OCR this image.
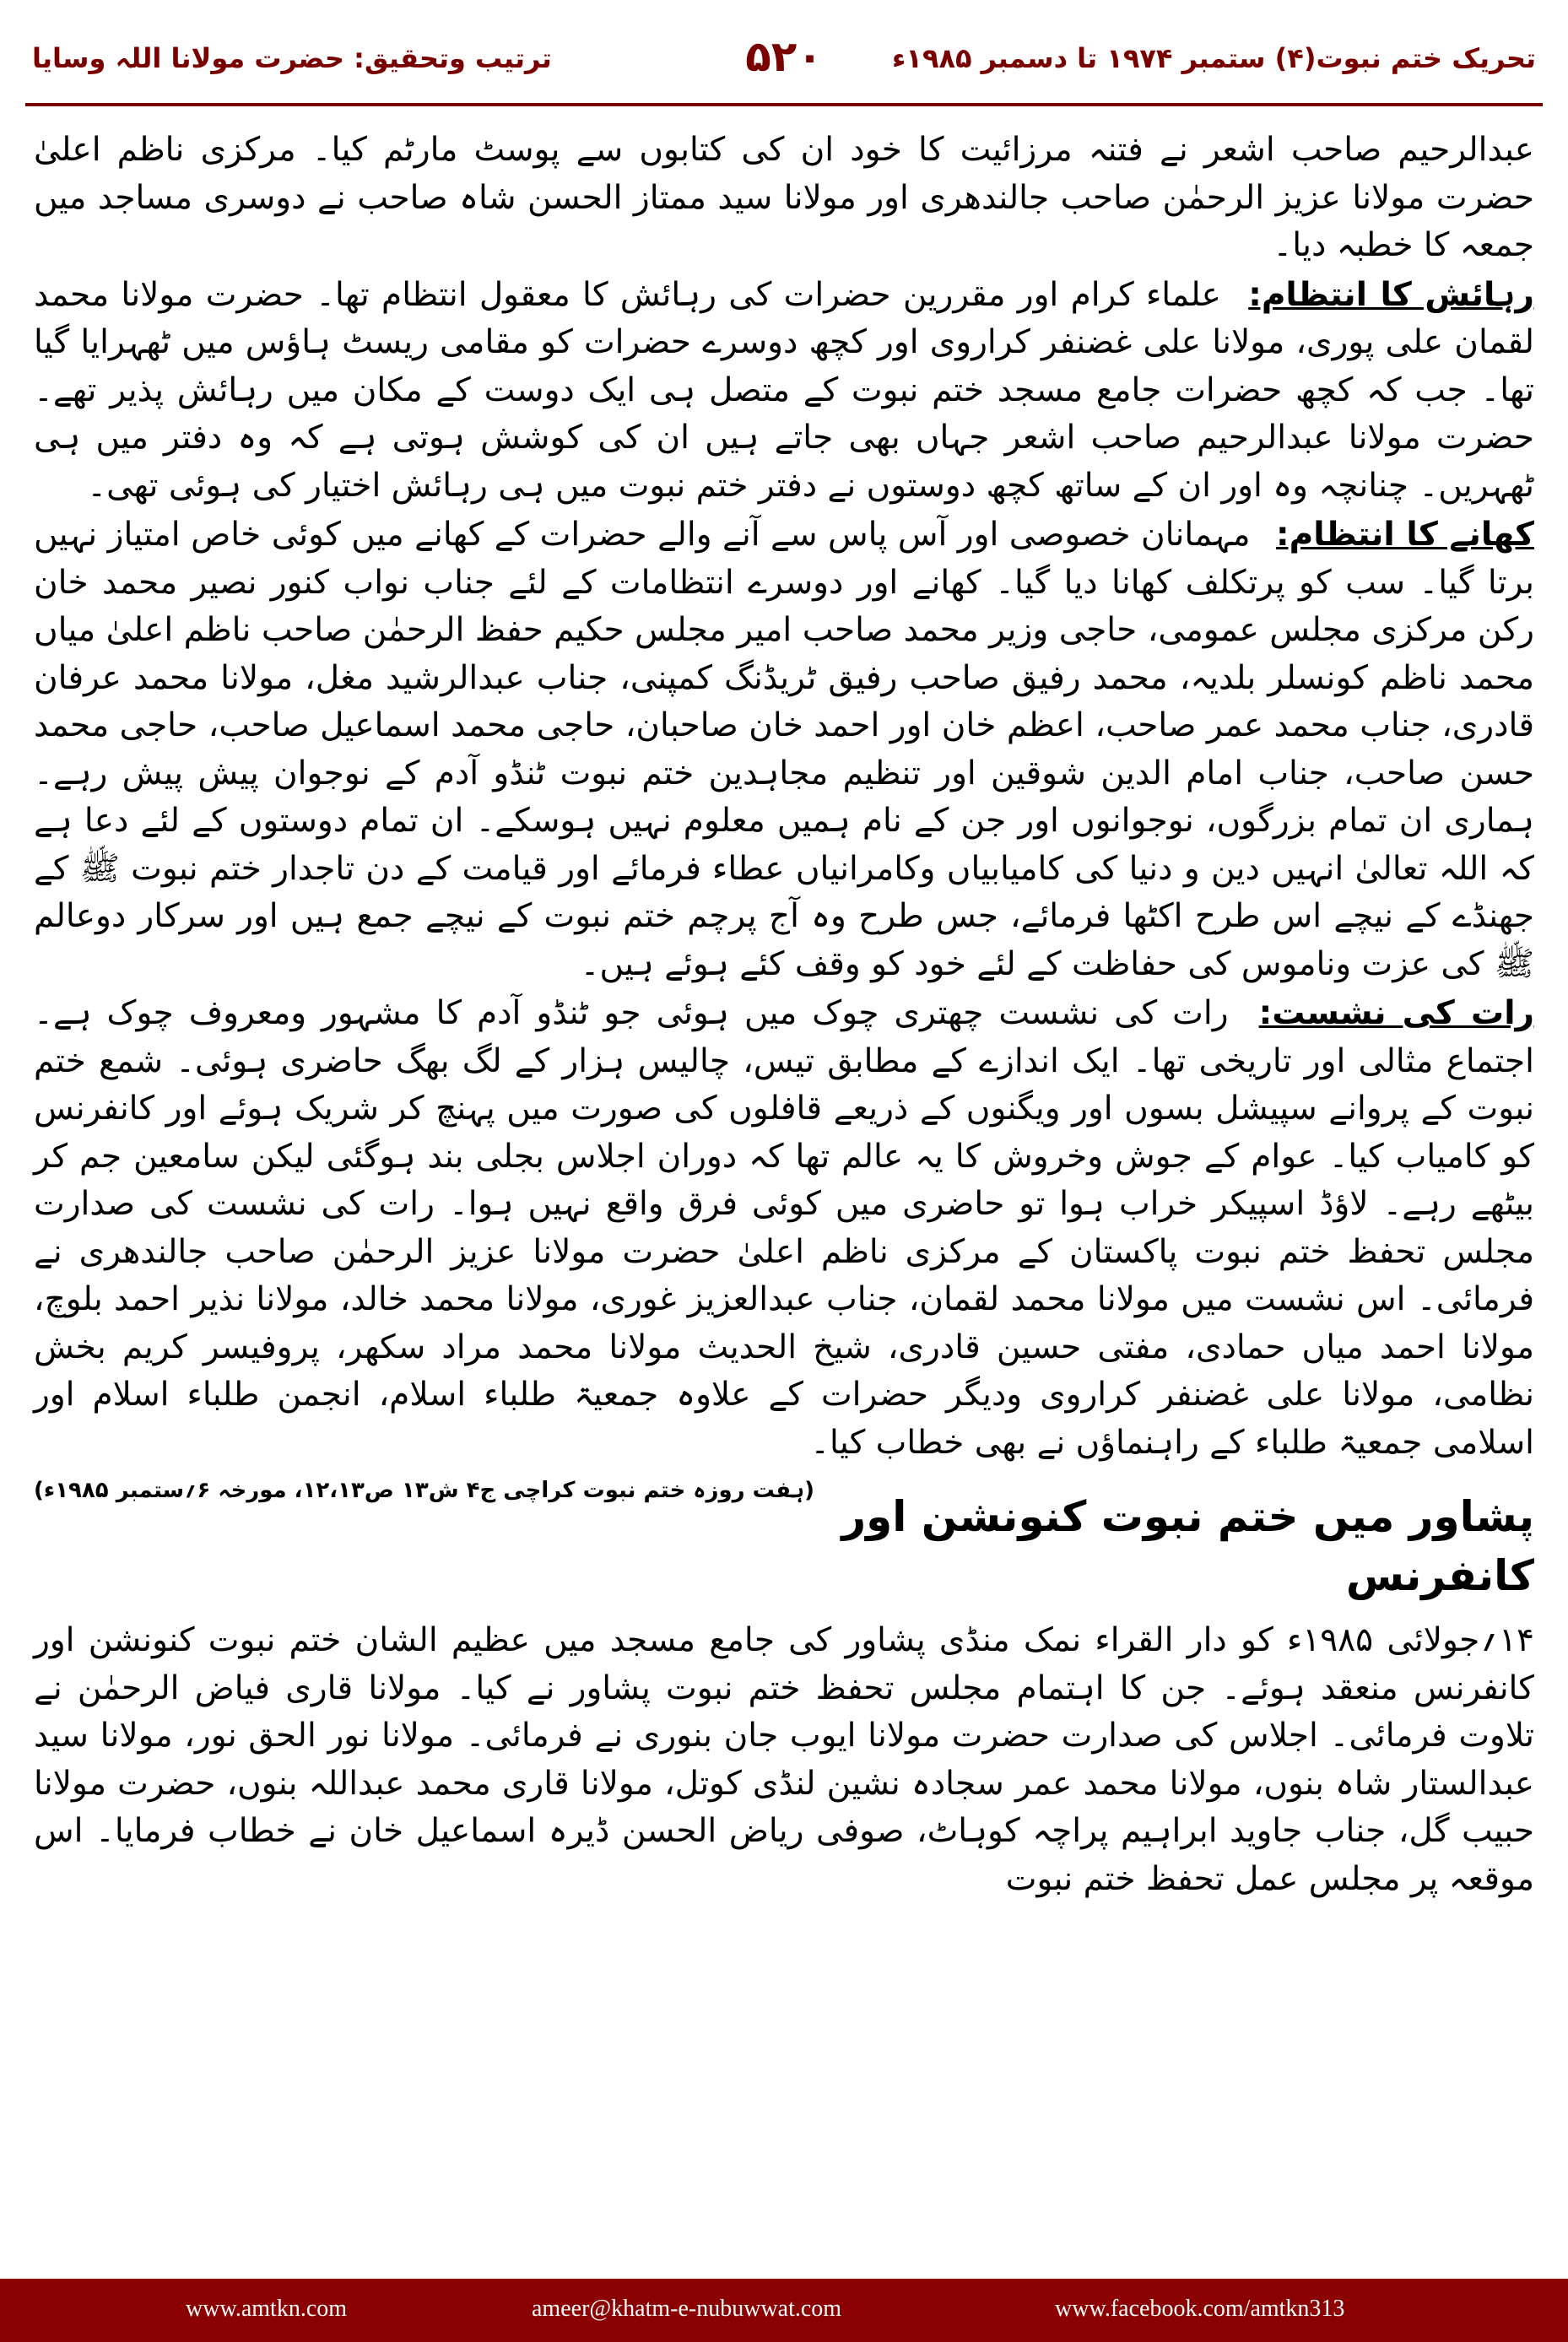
تحریک ختم نبوت(۴) ستمبر ۱۹۷۴ تا دسمبر ۱۹۸۵ء
۵۲۰
ترتیب وتحقیق: حضرت مولانا اللہ وسایا

عبدالرحیم صاحب اشعر نے فتنہ مرزائیت کا خود ان کی کتابوں سے پوسٹ مارٹم کیا۔ مرکزی ناظم اعلیٰ حضرت مولانا عزیز الرحمٰن صاحب جالندھری اور مولانا سید ممتاز الحسن شاہ صاحب نے دوسری مساجد میں جمعہ کا خطبہ دیا۔

رہائش کا انتظام: علماء کرام اور مقررین حضرات کی رہائش کا معقول انتظام تھا۔ حضرت مولانا محمد لقمان علی پوری، مولانا علی غضنفر کراروی اور کچھ دوسرے حضرات کو مقامی ریسٹ ہاؤس میں ٹھہرایا گیا تھا۔ جب کہ کچھ حضرات جامع مسجد ختم نبوت کے متصل ہی ایک دوست کے مکان میں رہائش پذیر تھے۔ حضرت مولانا عبدالرحیم صاحب اشعر جہاں بھی جاتے ہیں ان کی کوشش ہوتی ہے کہ وہ دفتر میں ہی ٹھہریں۔ چنانچہ وہ اور ان کے ساتھ کچھ دوستوں نے دفتر ختم نبوت میں ہی رہائش اختیار کی ہوئی تھی۔

کھانے کا انتظام: مہمانان خصوصی اور آس پاس سے آنے والے حضرات کے کھانے میں کوئی خاص امتیاز نہیں برتا گیا۔ سب کو پرتکلف کھانا دیا گیا۔ کھانے اور دوسرے انتظامات کے لئے جناب نواب کنور نصیر محمد خان رکن مرکزی مجلس عمومی، حاجی وزیر محمد صاحب امیر مجلس حکیم حفظ الرحمٰن صاحب ناظم اعلیٰ میاں محمد ناظم کونسلر بلدیہ، محمد رفیق صاحب رفیق ٹریڈنگ کمپنی، جناب عبدالرشید مغل، مولانا محمد عرفان قادری، جناب محمد عمر صاحب، اعظم خان اور احمد خان صاحبان، حاجی محمد اسماعیل صاحب، حاجی محمد حسن صاحب، جناب امام الدین شوقین اور تنظیم مجاہدین ختم نبوت ٹنڈو آدم کے نوجوان پیش پیش رہے۔ ہماری ان تمام بزرگوں، نوجوانوں اور جن کے نام ہمیں معلوم نہیں ہوسکے۔ ان تمام دوستوں کے لئے دعا ہے کہ اللہ تعالیٰ انہیں دین و دنیا کی کامیابیاں وکامرانیاں عطاء فرمائے اور قیامت کے دن تاجدار ختم نبوت ﷺ کے جھنڈے کے نیچے اس طرح اکٹھا فرمائے، جس طرح وہ آج پرچم ختم نبوت کے نیچے جمع ہیں اور سرکار دوعالم ﷺ کی عزت وناموس کی حفاظت کے لئے خود کو وقف کئے ہوئے ہیں۔

رات کی نشست: رات کی نشست چھتری چوک میں ہوئی جو ٹنڈو آدم کا مشہور ومعروف چوک ہے۔ اجتماع مثالی اور تاریخی تھا۔ ایک اندازے کے مطابق تیس، چالیس ہزار کے لگ بھگ حاضری ہوئی۔ شمع ختم نبوت کے پروانے سپیشل بسوں اور ویگنوں کے ذریعے قافلوں کی صورت میں پہنچ کر شریک ہوئے اور کانفرنس کو کامیاب کیا۔ عوام کے جوش وخروش کا یہ عالم تھا کہ دوران اجلاس بجلی بند ہوگئی لیکن سامعین جم کر بیٹھے رہے۔ لاؤڈ اسپیکر خراب ہوا تو حاضری میں کوئی فرق واقع نہیں ہوا۔ رات کی نشست کی صدارت مجلس تحفظ ختم نبوت پاکستان کے مرکزی ناظم اعلیٰ حضرت مولانا عزیز الرحمٰن صاحب جالندھری نے فرمائی۔ اس نشست میں مولانا محمد لقمان، جناب عبدالعزیز غوری، مولانا محمد خالد، مولانا نذیر احمد بلوچ، مولانا احمد میاں حمادی، مفتی حسین قادری، شیخ الحدیث مولانا محمد مراد سکھر، پروفیسر کریم بخش نظامی، مولانا علی غضنفر کراروی ودیگر حضرات کے علاوہ جمعیۃ طلباء اسلام، انجمن طلباء اسلام اور اسلامی جمعیۃ طلباء کے راہنماؤں نے بھی خطاب کیا۔
(ہفت روزہ ختم نبوت کراچی ج۴ ش۱۳ ص۱۲،۱۳، مورخہ ۶؍ستمبر ۱۹۸۵ء)

پشاور میں ختم نبوت کنونشن اور کانفرنس

۱۴؍جولائی ۱۹۸۵ء کو دار القراء نمک منڈی پشاور کی جامع مسجد میں عظیم الشان ختم نبوت کنونشن اور کانفرنس منعقد ہوئے۔ جن کا اہتمام مجلس تحفظ ختم نبوت پشاور نے کیا۔ مولانا قاری فیاض الرحمٰن نے تلاوت فرمائی۔ اجلاس کی صدارت حضرت مولانا ایوب جان بنوری نے فرمائی۔ مولانا نور الحق نور، مولانا سید عبدالستار شاہ بنوں، مولانا محمد عمر سجادہ نشین لنڈی کوتل، مولانا قاری محمد عبداللہ بنوں، حضرت مولانا حبیب گل، جناب جاوید ابراہیم پراچہ کوہاٹ، صوفی ریاض الحسن ڈیرہ اسماعیل خان نے خطاب فرمایا۔ اس موقعہ پر مجلس عمل تحفظ ختم نبوت

www.amtkn.com	ameer@khatm-e-nubuwwat.com	www.facebook.com/amtkn313
